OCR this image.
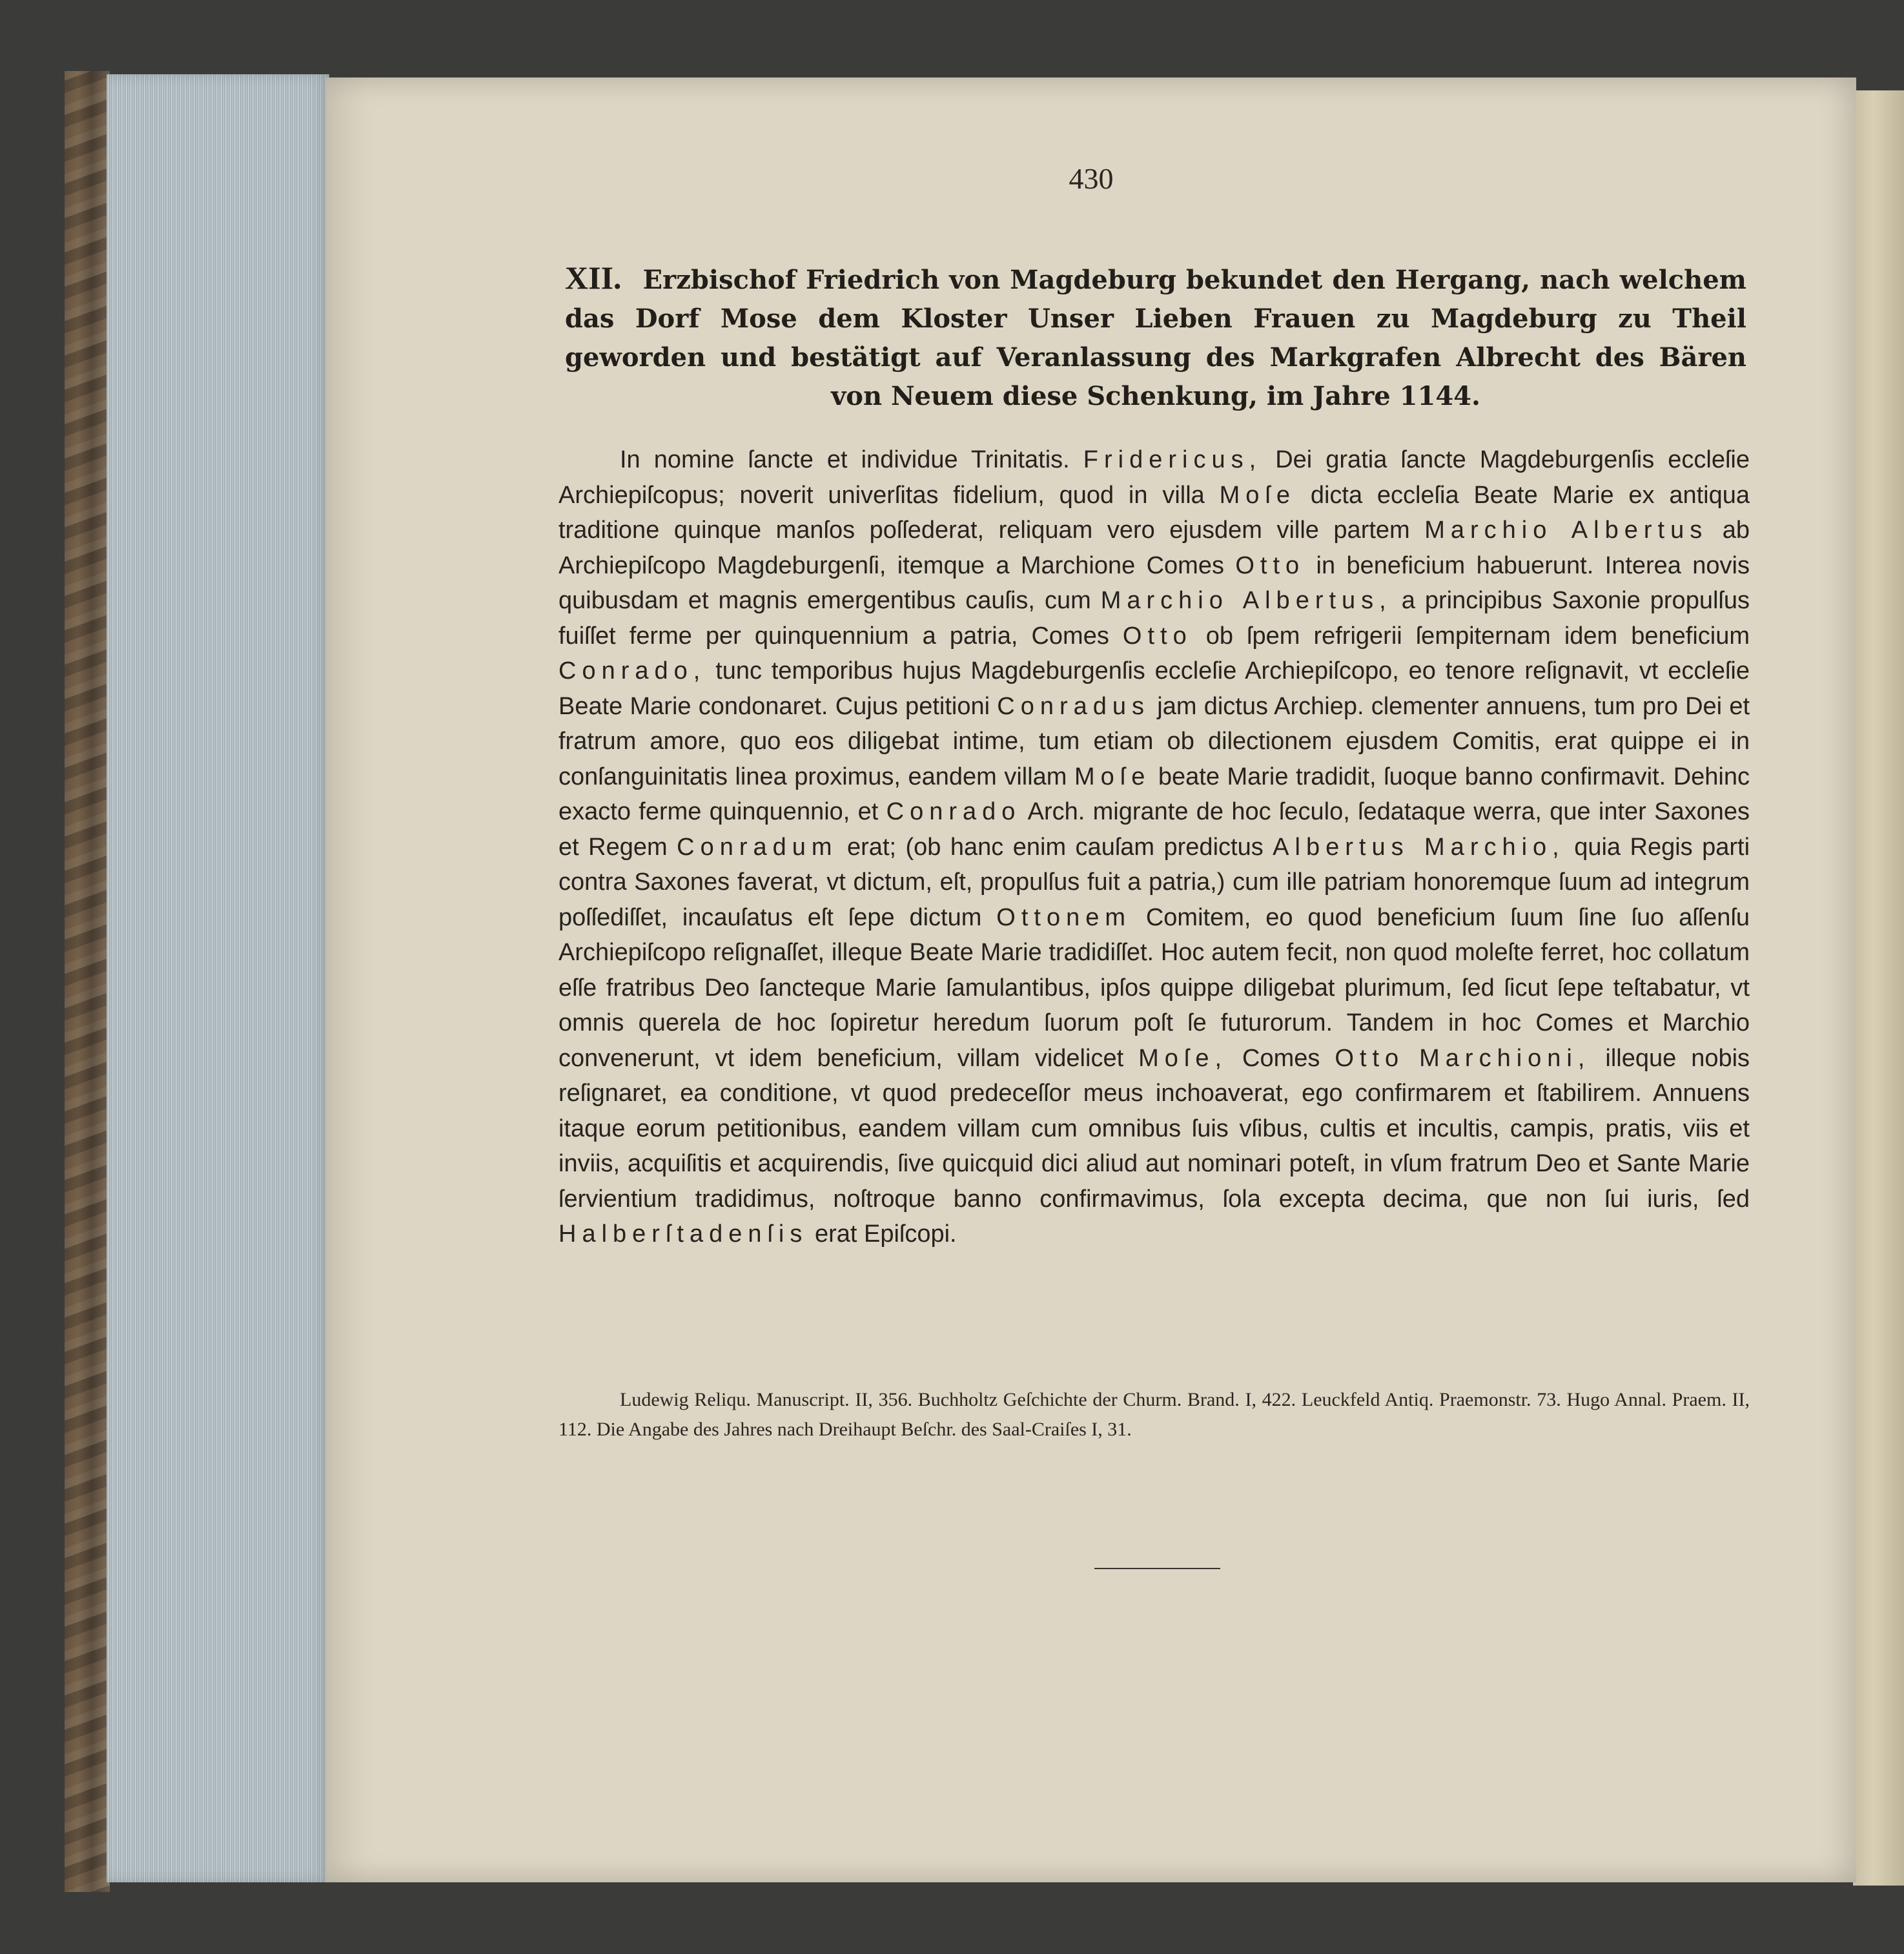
430
XII. Erzbischof Friedrich von Magdeburg bekundet den Hergang, nach welchem das Dorf Mose dem Kloster Unser Lieben Frauen zu Magdeburg zu Theil geworden und bestätigt auf Veranlassung des Markgrafen Albrecht des Bären von Neuem diese Schenkung, im Jahre 1144.

In nomine ſancte et individue Trinitatis. Fridericus, Dei gratia ſancte Magdeburgenſis eccleſie Archiepiſcopus; noverit univerſitas fidelium, quod in villa Moſe dicta eccleſia Beate Marie ex antiqua traditione quinque manſos poſſederat, reliquam vero ejusdem ville partem Marchio Albertus ab Archiepiſcopo Magdeburgenſi, itemque a Marchione Comes Otto in beneficium habuerunt. Interea novis quibusdam et magnis emergentibus cauſis, cum Marchio Albertus, a principibus Saxonie propulſus fuiſſet ferme per quinquennium a patria, Comes Otto ob ſpem refrigerii ſempiternam idem beneficium Conrado, tunc temporibus hujus Magdeburgenſis eccleſie Archiepiſcopo, eo tenore reſignavit, vt eccleſie Beate Marie condonaret. Cujus petitioni Conradus jam dictus Archiep. clementer annuens, tum pro Dei et fratrum amore, quo eos diligebat intime, tum etiam ob dilectionem ejusdem Comitis, erat quippe ei in conſanguinitatis linea proximus, eandem villam Moſe beate Marie tradidit, ſuoque banno confirmavit. Dehinc exacto ferme quinquennio, et Conrado Arch. migrante de hoc ſeculo, ſedataque werra, que inter Saxones et Regem Conradum erat; (ob hanc enim cauſam predictus Albertus Marchio, quia Regis parti contra Saxones faverat, vt dictum, eſt, propulſus fuit a patria,) cum ille patriam honoremque ſuum ad integrum poſſediſſet, incauſatus eſt ſepe dictum Ottonem Comitem, eo quod beneficium ſuum ſine ſuo aſſenſu Archiepiſcopo reſignaſſet, illeque Beate Marie tradidiſſet. Hoc autem fecit, non quod moleſte ferret, hoc collatum eſſe fratribus Deo ſancteque Marie ſamulantibus, ipſos quippe diligebat plurimum, ſed ſicut ſepe teſtabatur, vt omnis querela de hoc ſopiretur heredum ſuorum poſt ſe futurorum. Tandem in hoc Comes et Marchio convenerunt, vt idem beneficium, villam videlicet Moſe, Comes Otto Marchioni, illeque nobis reſignaret, ea conditione, vt quod predeceſſor meus inchoaverat, ego confirmarem et ſtabilirem. Annuens itaque eorum petitionibus, eandem villam cum omnibus ſuis vſibus, cultis et incultis, campis, pratis, viis et inviis, acquiſitis et acquirendis, ſive quicquid dici aliud aut nominari poteſt, in vſum fratrum Deo et Sante Marie ſervientium tradidimus, noſtroque banno confirmavimus, ſola excepta decima, que non ſui iuris, ſed Halberſtadenſis erat Epiſcopi.

Ludewig Reliqu. Manuscript. II, 356. Buchholtz Geſchichte der Churm. Brand. I, 422. Leuckfeld Antiq. Praemonstr. 73. Hugo Annal. Praem. II, 112. Die Angabe des Jahres nach Dreihaupt Beſchr. des Saal-Craiſes I, 31.
